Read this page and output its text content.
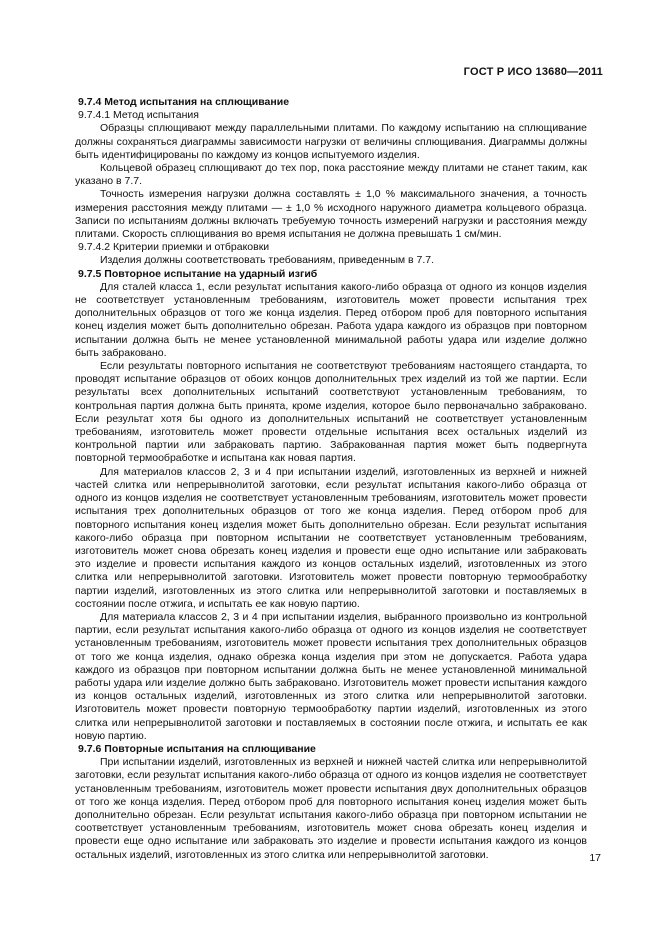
ГОСТ Р ИСО 13680—2011
9.7.4 Метод испытания на сплющивание
9.7.4.1 Метод испытания

Образцы сплющивают между параллельными плитами. По каждому испытанию на сплющивание должны сохраняться диаграммы зависимости нагрузки от величины сплющивания. Диаграммы должны быть идентифицированы по каждому из концов испытуемого изделия.

Кольцевой образец сплющивают до тех пор, пока расстояние между плитами не станет таким, как указано в 7.7.

Точность измерения нагрузки должна составлять ± 1,0 % максимального значения, а точность измерения расстояния между плитами — ± 1,0 % исходного наружного диаметра кольцевого образца. Записи по испытаниям должны включать требуемую точность измерений нагрузки и расстояния между плитами. Скорость сплющивания во время испытания не должна превышать 1 см/мин.

9.7.4.2 Критерии приемки и отбраковки

Изделия должны соответствовать требованиям, приведенным в 7.7.

9.7.5 Повторное испытание на ударный изгиб

Для сталей класса 1, если результат испытания какого-либо образца от одного из концов изделия не соответствует установленным требованиям, изготовитель может провести испытания трех дополнительных образцов от того же конца изделия. Перед отбором проб для повторного испытания конец изделия может быть дополнительно обрезан. Работа удара каждого из образцов при повторном испытании должна быть не менее установленной минимальной работы удара или изделие должно быть забраковано.

Если результаты повторного испытания не соответствуют требованиям настоящего стандарта, то проводят испытание образцов от обоих концов дополнительных трех изделий из той же партии. Если результаты всех дополнительных испытаний соответствуют установленным требованиям, то контрольная партия должна быть принята, кроме изделия, которое было первоначально забраковано. Если результат хотя бы одного из дополнительных испытаний не соответствует установленным требованиям, изготовитель может провести отдельные испытания всех остальных изделий из контрольной партии или забраковать партию. Забракованная партия может быть подвергнута повторной термообработке и испытана как новая партия.

Для материалов классов 2, 3 и 4 при испытании изделий, изготовленных из верхней и нижней частей слитка или непрерывнолитой заготовки, если результат испытания какого-либо образца от одного из концов изделия не соответствует установленным требованиям, изготовитель может провести испытания трех дополнительных образцов от того же конца изделия. Перед отбором проб для повторного испытания конец изделия может быть дополнительно обрезан. Если результат испытания какого-либо образца при повторном испытании не соответствует установленным требованиям, изготовитель может снова обрезать конец изделия и провести еще одно испытание или забраковать это изделие и провести испытания каждого из концов остальных изделий, изготовленных из этого слитка или непрерывнолитой заготовки. Изготовитель может провести повторную термообработку партии изделий, изготовленных из этого слитка или непрерывнолитой заготовки и поставляемых в состоянии после отжига, и испытать ее как новую партию.

Для материала классов 2, 3 и 4 при испытании изделия, выбранного произвольно из контрольной партии, если результат испытания какого-либо образца от одного из концов изделия не соответствует установленным требованиям, изготовитель может провести испытания трех дополнительных образцов от того же конца изделия, однако обрезка конца изделия при этом не допускается. Работа удара каждого из образцов при повторном испытании должна быть не менее установленной минимальной работы удара или изделие должно быть забраковано. Изготовитель может провести испытания каждого из концов остальных изделий, изготовленных из этого слитка или непрерывнолитой заготовки. Изготовитель может провести повторную термообработку партии изделий, изготовленных из этого слитка или непрерывнолитой заготовки и поставляемых в состоянии после отжига, и испытать ее как новую партию.

9.7.6 Повторные испытания на сплющивание

При испытании изделий, изготовленных из верхней и нижней частей слитка или непрерывнолитой заготовки, если результат испытания какого-либо образца от одного из концов изделия не соответствует установленным требованиям, изготовитель может провести испытания двух дополнительных образцов от того же конца изделия. Перед отбором проб для повторного испытания конец изделия может быть дополнительно обрезан. Если результат испытания какого-либо образца при повторном испытании не соответствует установленным требованиям, изготовитель может снова обрезать конец изделия и провести еще одно испытание или забраковать это изделие и провести испытания каждого из концов остальных изделий, изготовленных из этого слитка или непрерывнолитой заготовки.	17
